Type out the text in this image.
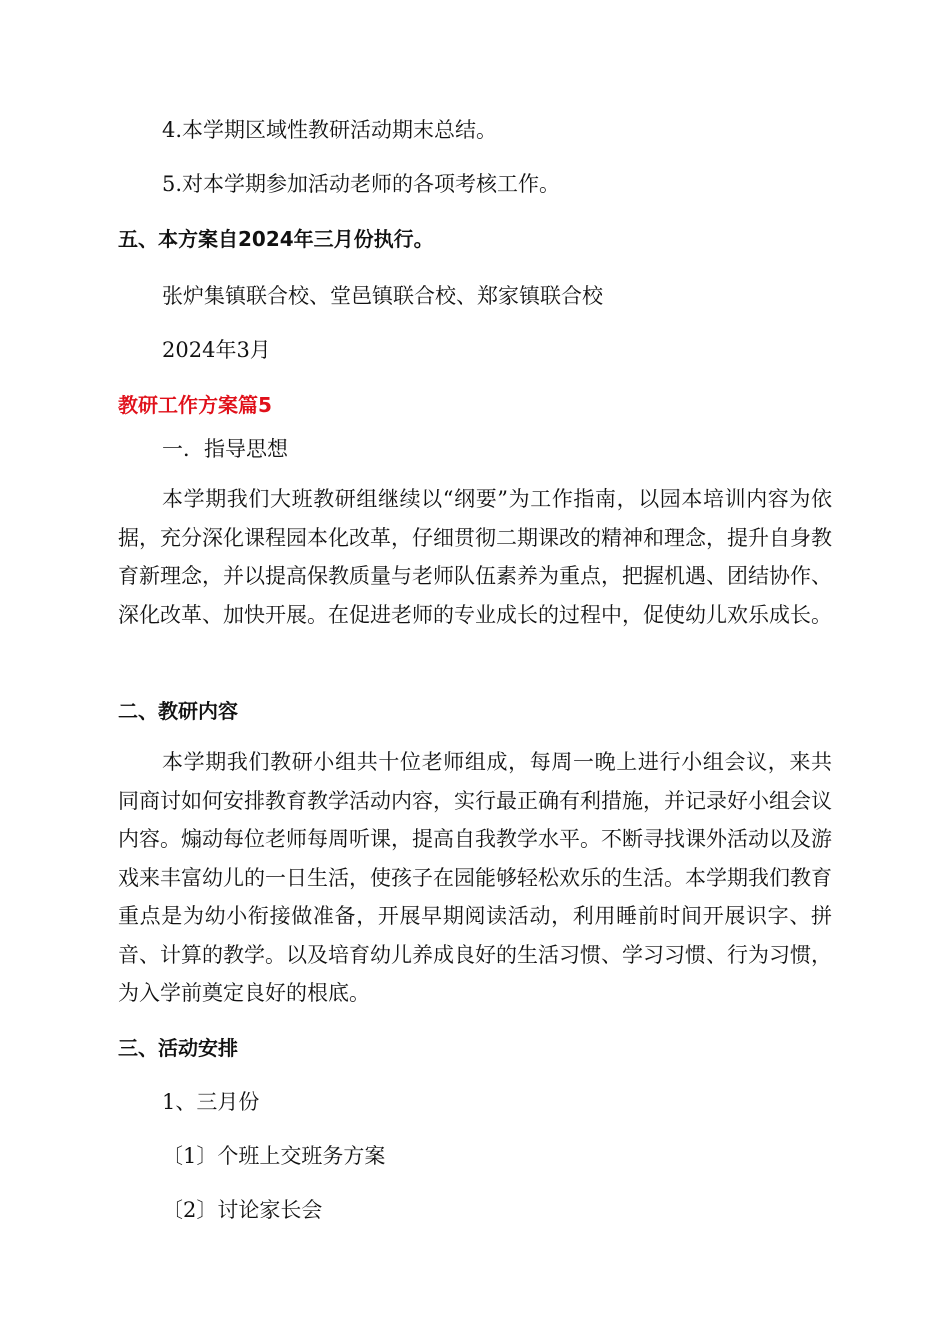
4.本学期区域性教研活动期末总结。
5.对本学期参加活动老师的各项考核工作。
五、本方案自2024年三月份执行。
张炉集镇联合校、堂邑镇联合校、郑家镇联合校
2024年3月
教研工作方案篇5
一．指导思想
本学期我们大班教研组继续以“纲要”为工作指南，以园本培训内容为依据，充分深化课程园本化改革，仔细贯彻二期课改的精神和理念，提升自身教育新理念，并以提高保教质量与老师队伍素养为重点，把握机遇、团结协作、深化改革、加快开展。在促进老师的专业成长的过程中，促使幼儿欢乐成长。
二、教研内容
本学期我们教研小组共十位老师组成，每周一晚上进行小组会议，来共同商讨如何安排教育教学活动内容，实行最正确有利措施，并记录好小组会议内容。煽动每位老师每周听课，提高自我教学水平。不断寻找课外活动以及游戏来丰富幼儿的一日生活，使孩子在园能够轻松欢乐的生活。本学期我们教育重点是为幼小衔接做准备，开展早期阅读活动，利用睡前时间开展识字、拼音、计算的教学。以及培育幼儿养成良好的生活习惯、学习习惯、行为习惯，为入学前奠定良好的根底。
三、活动安排
1、三月份
〔1〕个班上交班务方案
〔2〕讨论家长会
